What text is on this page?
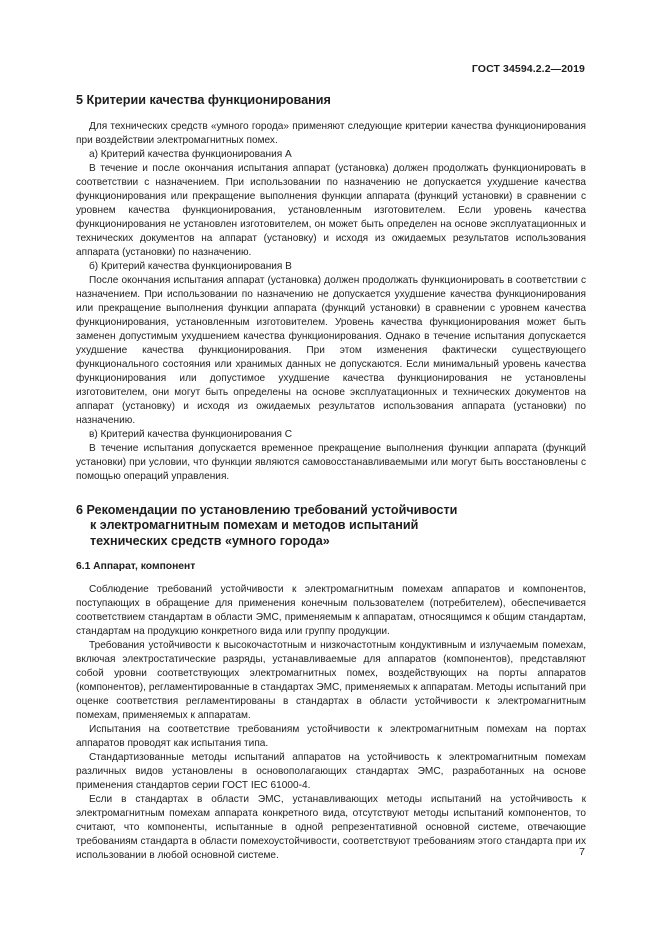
ГОСТ 34594.2.2—2019
5 Критерии качества функционирования

Для технических средств «умного города» применяют следующие критерии качества функционирования при воздействии электромагнитных помех.

а) Критерий качества функционирования А

В течение и после окончания испытания аппарат (установка) должен продолжать функционировать в соответствии с назначением. При использовании по назначению не допускается ухудшение качества функционирования или прекращение выполнения функции аппарата (функций установки) в сравнении с уровнем качества функционирования, установленным изготовителем. Если уровень качества функционирования не установлен изготовителем, он может быть определен на основе эксплуатационных и технических документов на аппарат (установку) и исходя из ожидаемых результатов использования аппарата (установки) по назначению.

б) Критерий качества функционирования В

После окончания испытания аппарат (установка) должен продолжать функционировать в соответствии с назначением. При использовании по назначению не допускается ухудшение качества функционирования или прекращение выполнения функции аппарата (функций установки) в сравнении с уровнем качества функционирования, установленным изготовителем. Уровень качества функционирования может быть заменен допустимым ухудшением качества функционирования. Однако в течение испытания допускается ухудшение качества функционирования. При этом изменения фактически существующего функционального состояния или хранимых данных не допускаются. Если минимальный уровень качества функционирования или допустимое ухудшение качества функционирования не установлены изготовителем, они могут быть определены на основе эксплуатационных и технических документов на аппарат (установку) и исходя из ожидаемых результатов использования аппарата (установки) по назначению.

в) Критерий качества функционирования С

В течение испытания допускается временное прекращение выполнения функции аппарата (функций установки) при условии, что функции являются самовосстанавливаемыми или могут быть восстановлены с помощью операций управления.

6 Рекомендации по установлению требований устойчивости
к электромагнитным помехам и методов испытаний
технических средств «умного города»
6.1 Аппарат, компонент

Соблюдение требований устойчивости к электромагнитным помехам аппаратов и компонентов, поступающих в обращение для применения конечным пользователем (потребителем), обеспечивается соответствием стандартам в области ЭМС, применяемым к аппаратам, относящимся к общим стандартам, стандартам на продукцию конкретного вида или группу продукции.

Требования устойчивости к высокочастотным и низкочастотным кондуктивным и излучаемым помехам, включая электростатические разряды, устанавливаемые для аппаратов (компонентов), представляют собой уровни соответствующих электромагнитных помех, воздействующих на порты аппаратов (компонентов), регламентированные в стандартах ЭМС, применяемых к аппаратам. Методы испытаний при оценке соответствия регламентированы в стандартах в области устойчивости к электромагнитным помехам, применяемых к аппаратам.

Испытания на соответствие требованиям устойчивости к электромагнитным помехам на портах аппаратов проводят как испытания типа.

Стандартизованные методы испытаний аппаратов на устойчивость к электромагнитным помехам различных видов установлены в основополагающих стандартах ЭМС, разработанных на основе применения стандартов серии ГОСТ IEC 61000-4.

Если в стандартах в области ЭМС, устанавливающих методы испытаний на устойчивость к электромагнитным помехам аппарата конкретного вида, отсутствуют методы испытаний компонентов, то считают, что компоненты, испытанные в одной репрезентативной основной системе, отвечающие требованиям стандарта в области помехоустойчивости, соответствуют требованиям этого стандарта при их использовании в любой основной системе.	7
